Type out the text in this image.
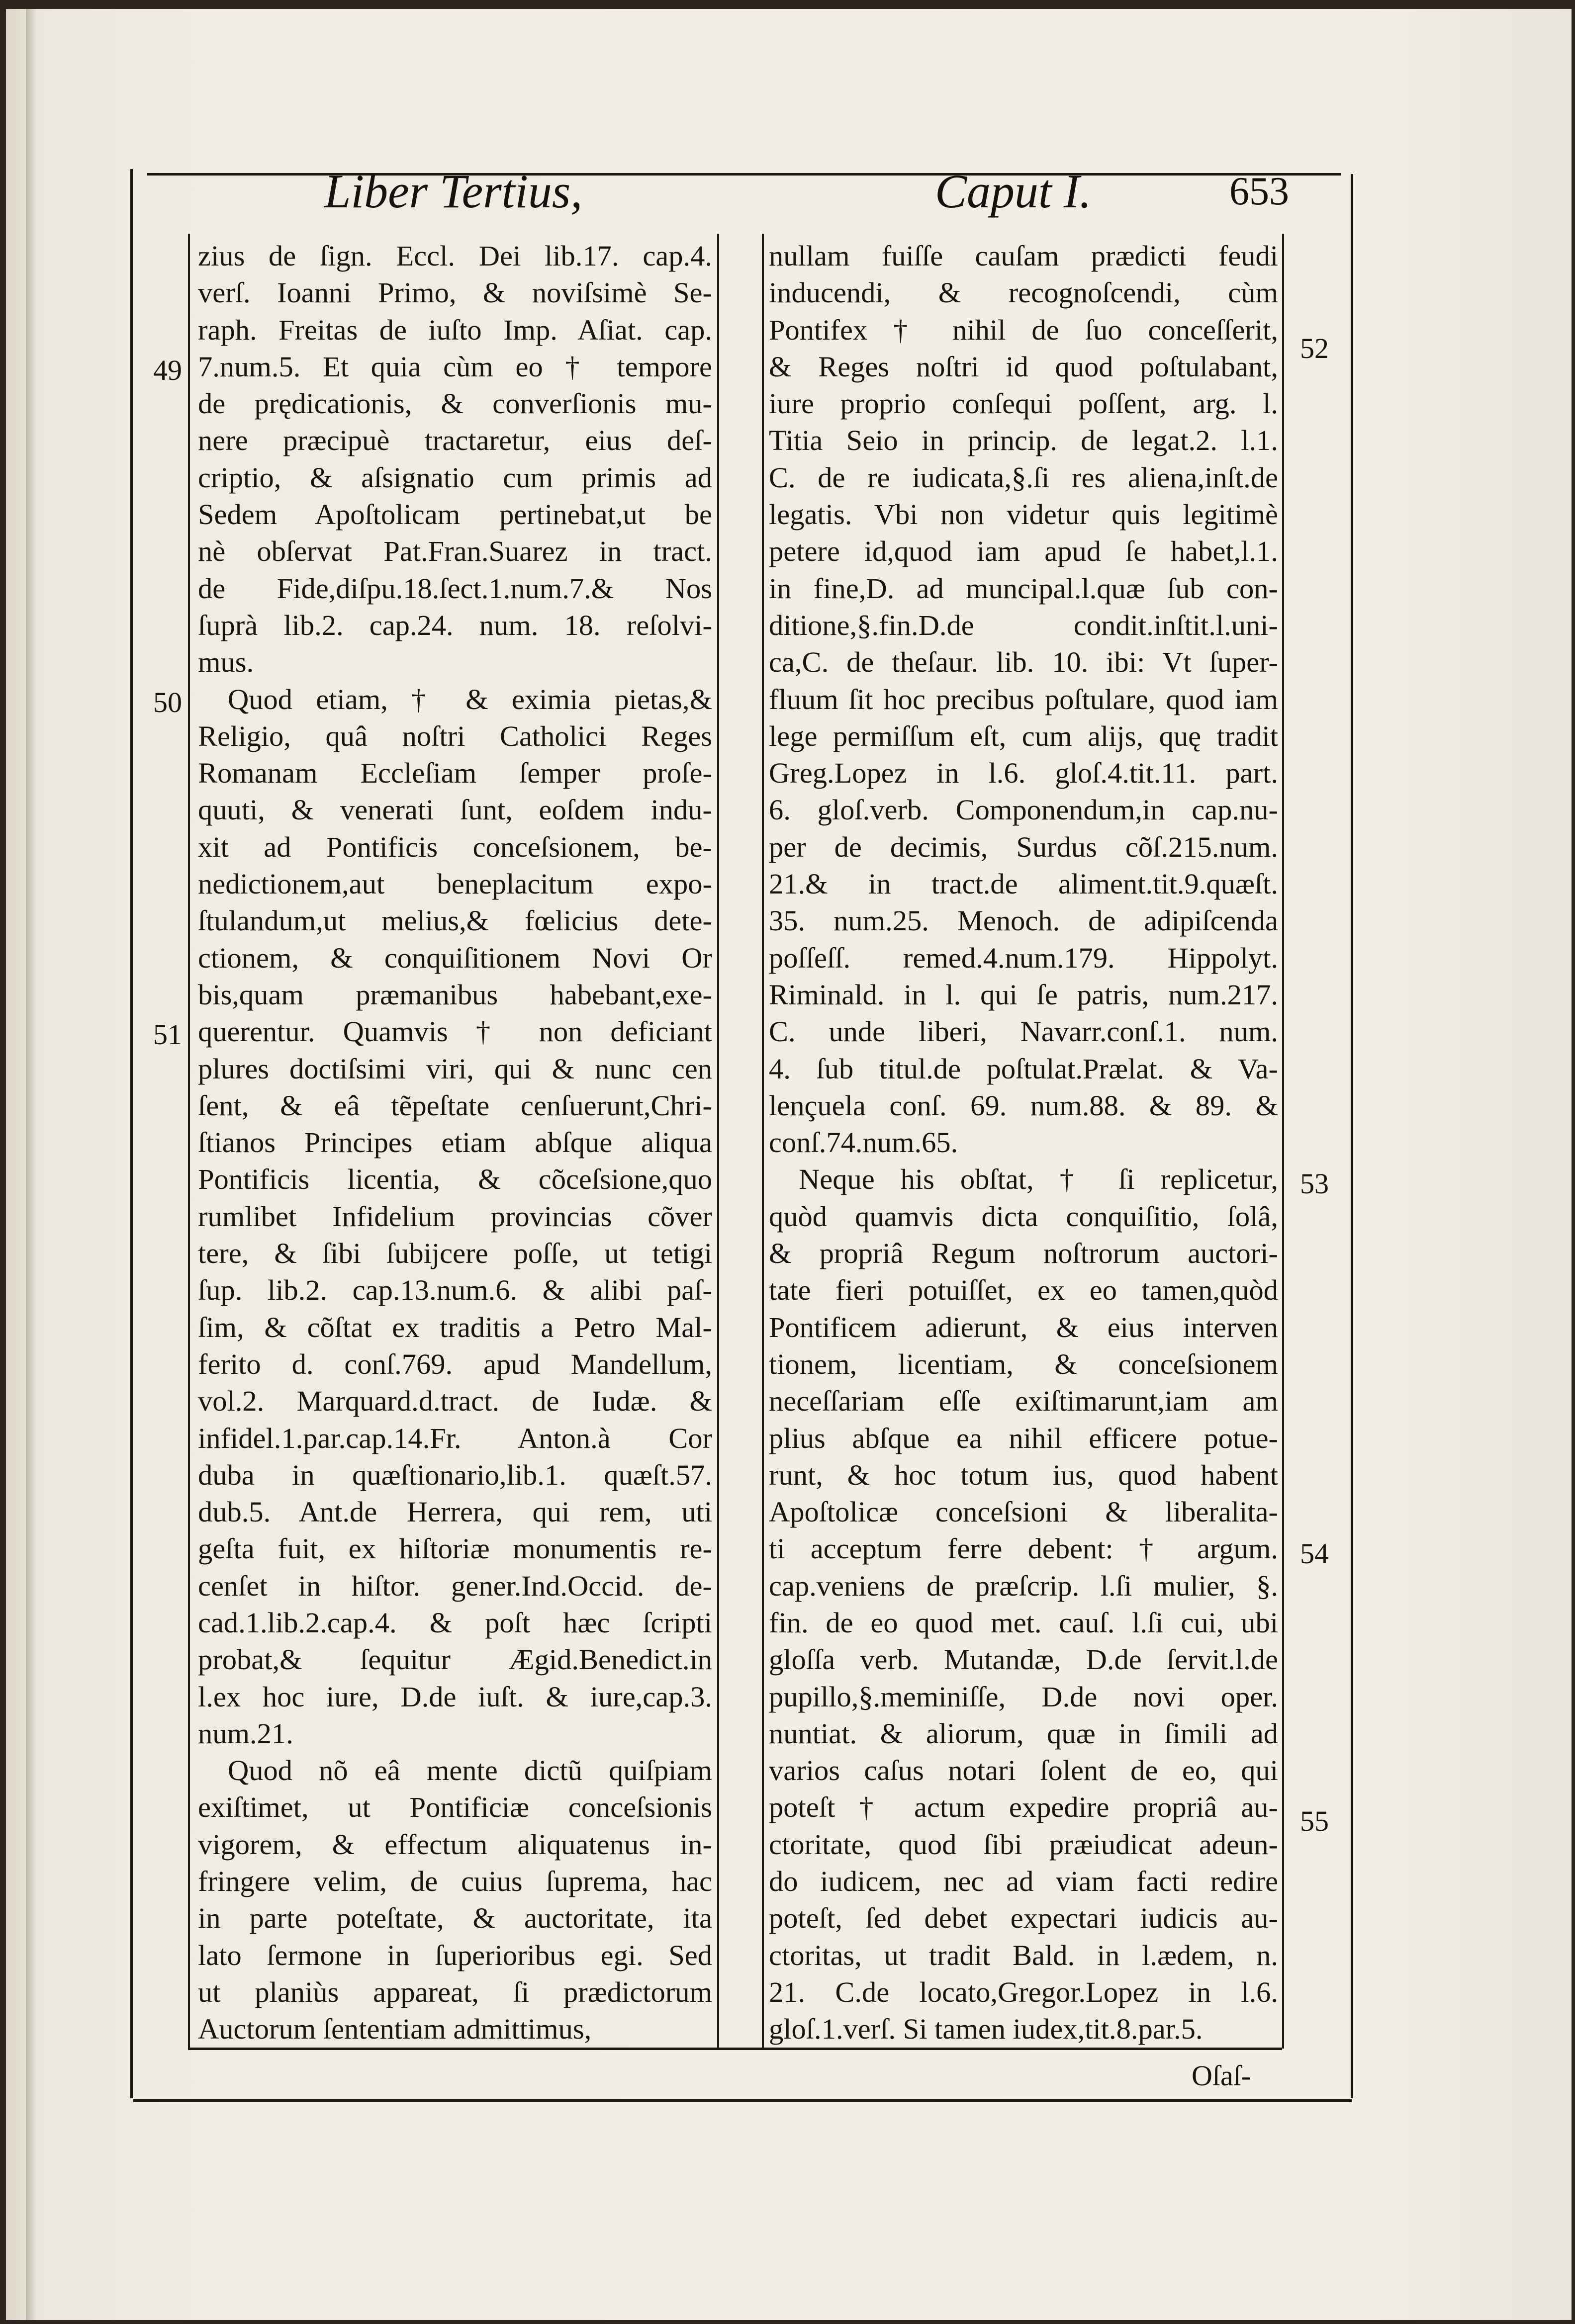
Liber Tertius,	Caput I.	653
zius de ſign. Eccl. Dei lib.17. cap.4.
verſ. Ioanni Primo, & noviſsimè Se-
raph. Freitas de iuſto Imp. Aſiat. cap.
7.num.5. Et quia cùm eo † tempore
de prędicationis, & converſionis mu-
nere præcipuè tractaretur, eius deſ-
criptio, & aſsignatio cum primis ad
Sedem Apoſtolicam pertinebat,ut be
nè obſervat Pat.Fran.Suarez in tract.
de Fide,diſpu.18.ſect.1.num.7.& Nos
ſuprà lib.2. cap.24. num. 18. reſolvi-
mus.
Quod etiam, † & eximia pietas,&
Religio, quâ noſtri Catholici Reges
Romanam Eccleſiam ſemper proſe-
quuti, & venerati ſunt, eoſdem indu-
xit ad Pontificis conceſsionem, be-
nedictionem,aut beneplacitum expo-
ſtulandum,ut melius,& fœlicius dete-
ctionem, & conquiſitionem Novi Or
bis,quam præmanibus habebant,exe-
querentur. Quamvis † non deficiant
plures doctiſsimi viri, qui & nunc cen
ſent, & eâ tẽpeſtate cenſuerunt,Chri-
ſtianos Principes etiam abſque aliqua
Pontificis licentia, & cõceſsione,quo
rumlibet Infidelium provincias cõver
tere, & ſibi ſubijcere poſſe, ut tetigi
ſup. lib.2. cap.13.num.6. & alibi paſ-
ſim, & cõſtat ex traditis a Petro Mal-
ferito d. conſ.769. apud Mandellum,
vol.2. Marquard.d.tract. de Iudæ. &
infidel.1.par.cap.14.Fr. Anton.à Cor
duba in quæſtionario,lib.1. quæſt.57.
dub.5. Ant.de Herrera, qui rem, uti
geſta fuit, ex hiſtoriæ monumentis re-
cenſet in hiſtor. gener.Ind.Occid. de-
cad.1.lib.2.cap.4. & poſt hæc ſcripti
probat,& ſequitur Ægid.Benedict.in
l.ex hoc iure, D.de iuſt. & iure,cap.3.
num.21.
Quod nõ eâ mente dictũ quiſpiam
exiſtimet, ut Pontificiæ conceſsionis
vigorem, & effectum aliquatenus in-
fringere velim, de cuius ſuprema, hac
in parte poteſtate, & auctoritate, ita
lato ſermone in ſuperioribus egi. Sed
ut planiùs appareat, ſi prædictorum
Auctorum ſententiam admittimus,
nullam fuiſſe cauſam prædicti feudi
inducendi, & recognoſcendi, cùm
Pontifex † nihil de ſuo conceſſerit,
& Reges noſtri id quod poſtulabant,
iure proprio conſequi poſſent, arg. l.
Titia Seio in princip. de legat.2. l.1.
C. de re iudicata,§.ſi res aliena,inſt.de
legatis. Vbi non videtur quis legitimè
petere id,quod iam apud ſe habet,l.1.
in fine,D. ad muncipal.l.quæ ſub con-
ditione,§.fin.D.de condit.inſtit.l.uni-
ca,C. de theſaur. lib. 10. ibi: Vt ſuper-
fluum ſit hoc precibus poſtulare, quod iam
lege permiſſum eſt, cum alijs, quę tradit
Greg.Lopez in l.6. gloſ.4.tit.11. part.
6. gloſ.verb. Componendum,in cap.nu-
per de decimis, Surdus cõſ.215.num.
21.& in tract.de aliment.tit.9.quæſt.
35. num.25. Menoch. de adipiſcenda
poſſeſſ. remed.4.num.179. Hippolyt.
Riminald. in l. qui ſe patris, num.217.
C. unde liberi, Navarr.conſ.1. num.
4. ſub titul.de poſtulat.Prælat. & Va-
lençuela conſ. 69. num.88. & 89. &
conſ.74.num.65.
Neque his obſtat, † ſi replicetur,
quòd quamvis dicta conquiſitio, ſolâ,
& propriâ Regum noſtrorum auctori-
tate fieri potuiſſet, ex eo tamen,quòd
Pontificem adierunt, & eius interven
tionem, licentiam, & conceſsionem
neceſſariam eſſe exiſtimarunt,iam am
plius abſque ea nihil efficere potue-
runt, & hoc totum ius, quod habent
Apoſtolicæ conceſsioni & liberalita-
ti acceptum ferre debent: † argum.
cap.veniens de præſcrip. l.ſi mulier, §.
fin. de eo quod met. cauſ. l.ſi cui, ubi
gloſſa verb. Mutandæ, D.de ſervit.l.de
pupillo,§.meminiſſe, D.de novi oper.
nuntiat. & aliorum, quæ in ſimili ad
varios caſus notari ſolent de eo, qui
poteſt † actum expedire propriâ au-
ctoritate, quod ſibi præiudicat adeun-
do iudicem, nec ad viam facti redire
poteſt, ſed debet expectari iudicis au-
ctoritas, ut tradit Bald. in l.ædem, n.
21. C.de locato,Gregor.Lopez in l.6.
gloſ.1.verſ. Si tamen iudex,tit.8.par.5.
49
50
51
52
53
54
55
Oſaſ-
